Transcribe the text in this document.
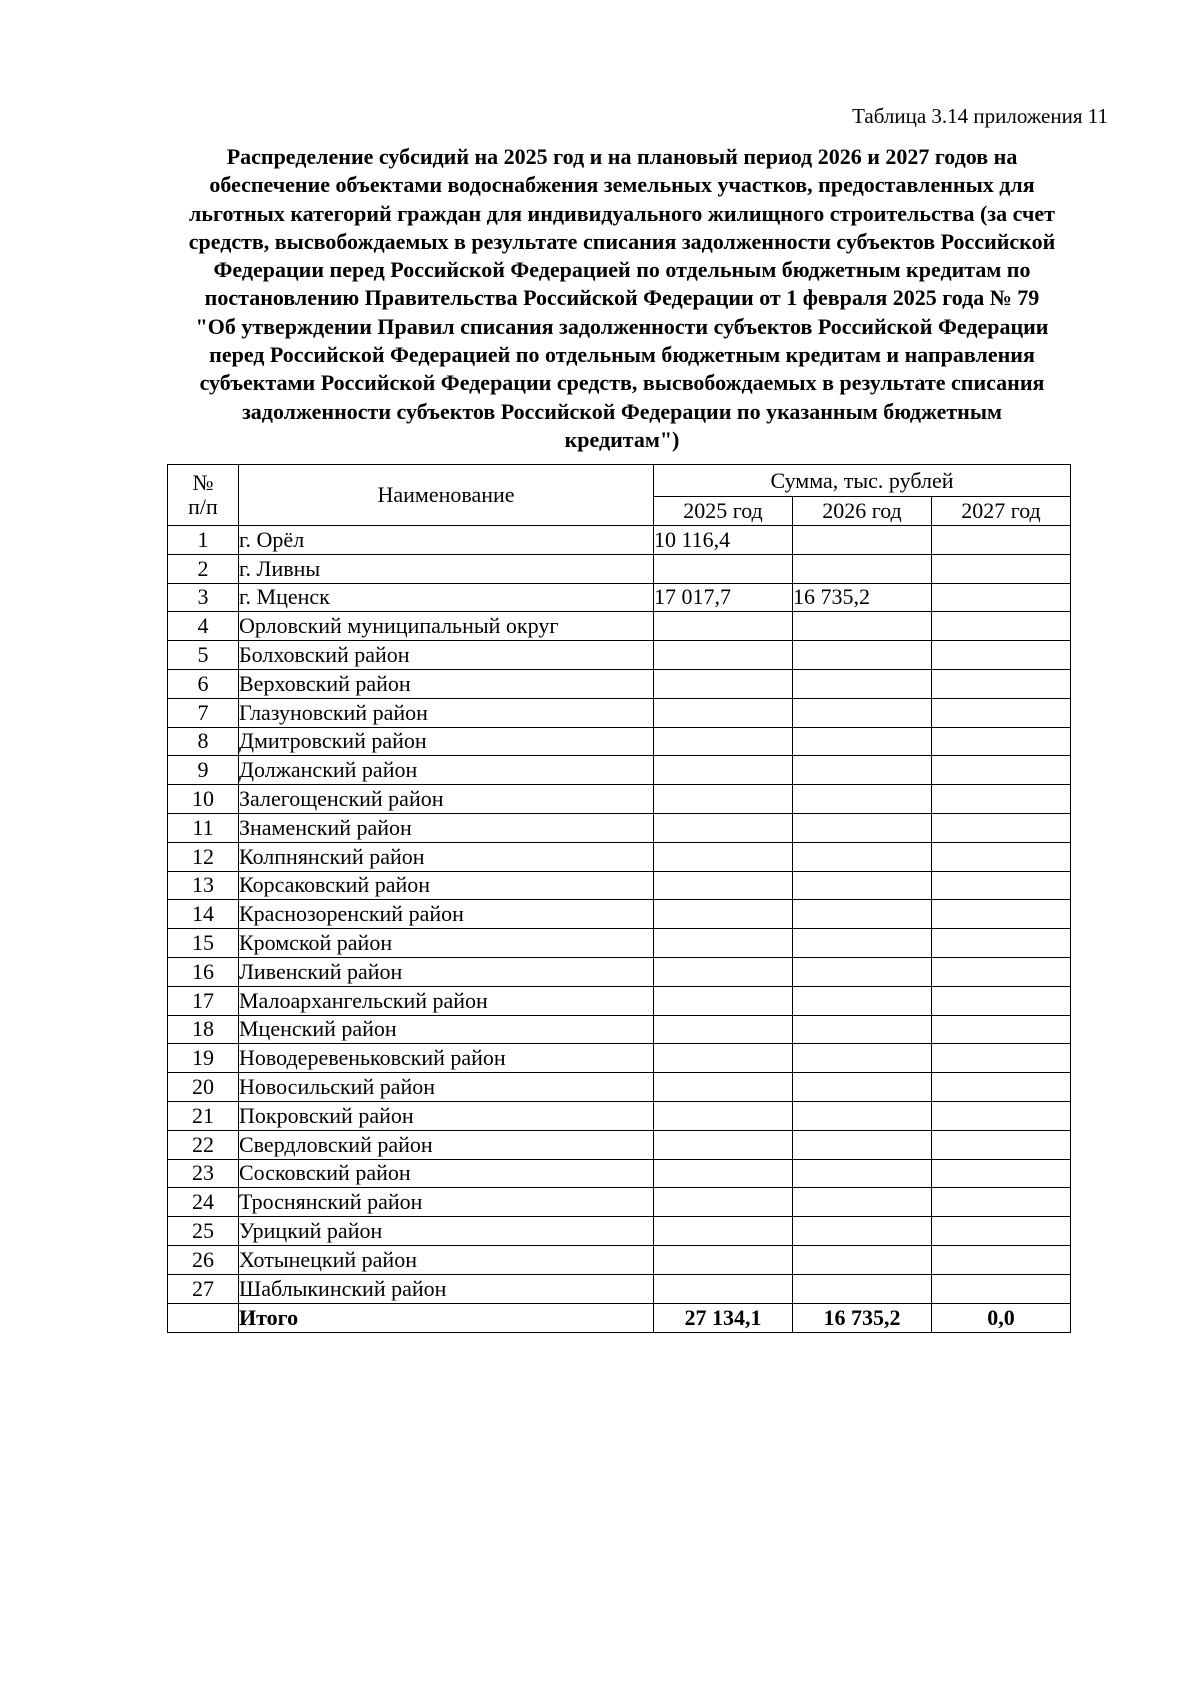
Таблица 3.14 приложения 11
Распределение субсидий на 2025 год и на плановый период 2026 и 2027 годов на
обеспечение объектами водоснабжения земельных участков, предоставленных для
льготных категорий граждан для индивидуального жилищного строительства (за счет
средств, высвобождаемых в результате списания задолженности субъектов Российской
Федерации перед Российской Федерацией по отдельным бюджетным кредитам по
постановлению Правительства Российской Федерации от 1 февраля 2025 года № 79
"Об утверждении Правил списания задолженности субъектов Российской Федерации
перед Российской Федерацией по отдельным бюджетным кредитам и направления
субъектами Российской Федерации средств, высвобождаемых в результате списания
задолженности субъектов Российской Федерации по указанным бюджетным
кредитам")
№
п/п	Наименование	Сумма, тыс. рублей		
		2025 год	2026 год	2027 год
1	г. Орёл	10 116,4		
2	г. Ливны			
3	г. Мценск	17 017,7	16 735,2	
4	Орловский муниципальный округ			
5	Болховский район			
6	Верховский район			
7	Глазуновский район			
8	Дмитровский район			
9	Должанский район			
10	Залегощенский район			
11	Знаменский район			
12	Колпнянский район			
13	Корсаковский район			
14	Краснозоренский район			
15	Кромской район			
16	Ливенский район			
17	Малоархангельский район			
18	Мценский район			
19	Новодеревеньковский район			
20	Новосильский район			
21	Покровский район			
22	Свердловский район			
23	Сосковский район			
24	Троснянский район			
25	Урицкий район			
26	Хотынецкий район			
27	Шаблыкинский район			
	Итого	27 134,1	16 735,2	0,0
